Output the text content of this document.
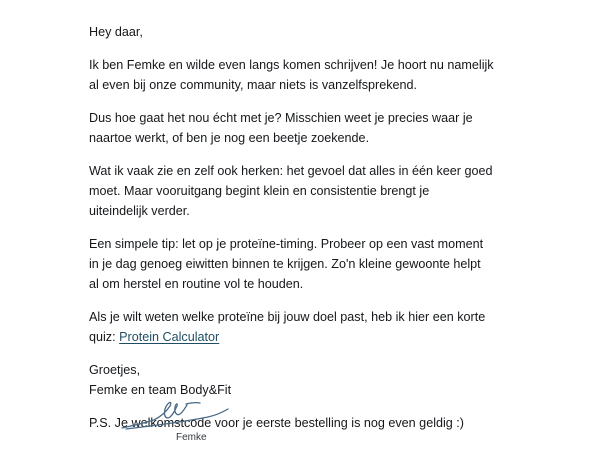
Hey daar,

Ik ben Femke en wilde even langs komen schrijven! Je hoort nu namelijk
al even bij onze community, maar niets is vanzelfsprekend.

Dus hoe gaat het nou écht met je? Misschien weet je precies waar je
naartoe werkt, of ben je nog een beetje zoekende.

Wat ik vaak zie en zelf ook herken: het gevoel dat alles in één keer goed
moet. Maar vooruitgang begint klein en consistentie brengt je
uiteindelijk verder.

Een simpele tip: let op je proteïne-timing. Probeer op een vast moment
in je dag genoeg eiwitten binnen te krijgen. Zo'n kleine gewoonte helpt
al om herstel en routine vol te houden.

Als je wilt weten welke proteïne bij jouw doel past, heb ik hier een korte
quiz: Protein Calculator

Groetjes,
Femke en team Body&Fit

P.S. Je welkomstcode voor je eerste bestelling is nog even geldig :)

Femke
